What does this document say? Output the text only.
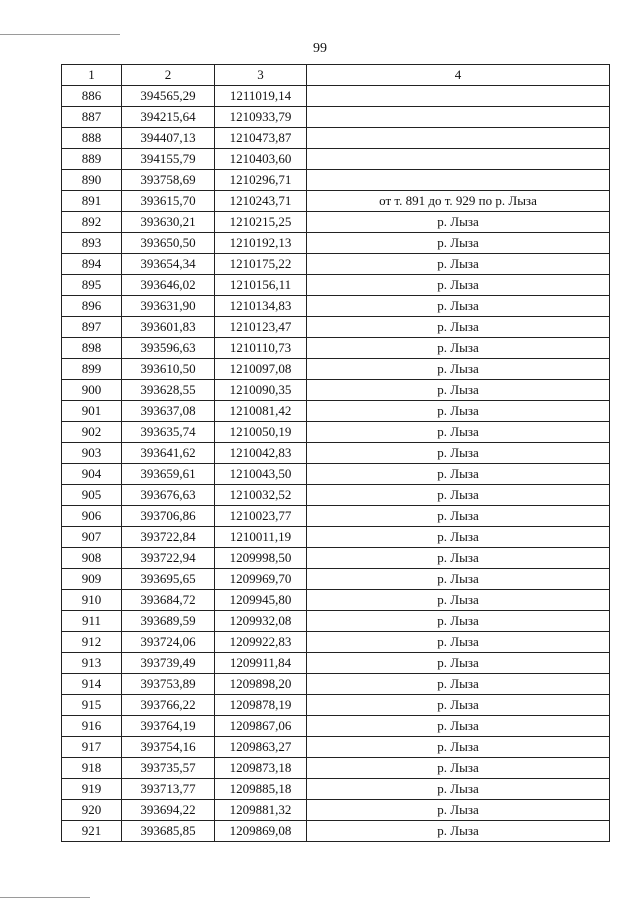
99
1	2	3	4
886	394565,29	1211019,14	
887	394215,64	1210933,79	
888	394407,13	1210473,87	
889	394155,79	1210403,60	
890	393758,69	1210296,71	
891	393615,70	1210243,71	от т. 891 до т. 929 по р. Лыза
892	393630,21	1210215,25	р. Лыза
893	393650,50	1210192,13	р. Лыза
894	393654,34	1210175,22	р. Лыза
895	393646,02	1210156,11	р. Лыза
896	393631,90	1210134,83	р. Лыза
897	393601,83	1210123,47	р. Лыза
898	393596,63	1210110,73	р. Лыза
899	393610,50	1210097,08	р. Лыза
900	393628,55	1210090,35	р. Лыза
901	393637,08	1210081,42	р. Лыза
902	393635,74	1210050,19	р. Лыза
903	393641,62	1210042,83	р. Лыза
904	393659,61	1210043,50	р. Лыза
905	393676,63	1210032,52	р. Лыза
906	393706,86	1210023,77	р. Лыза
907	393722,84	1210011,19	р. Лыза
908	393722,94	1209998,50	р. Лыза
909	393695,65	1209969,70	р. Лыза
910	393684,72	1209945,80	р. Лыза
911	393689,59	1209932,08	р. Лыза
912	393724,06	1209922,83	р. Лыза
913	393739,49	1209911,84	р. Лыза
914	393753,89	1209898,20	р. Лыза
915	393766,22	1209878,19	р. Лыза
916	393764,19	1209867,06	р. Лыза
917	393754,16	1209863,27	р. Лыза
918	393735,57	1209873,18	р. Лыза
919	393713,77	1209885,18	р. Лыза
920	393694,22	1209881,32	р. Лыза
921	393685,85	1209869,08	р. Лыза
